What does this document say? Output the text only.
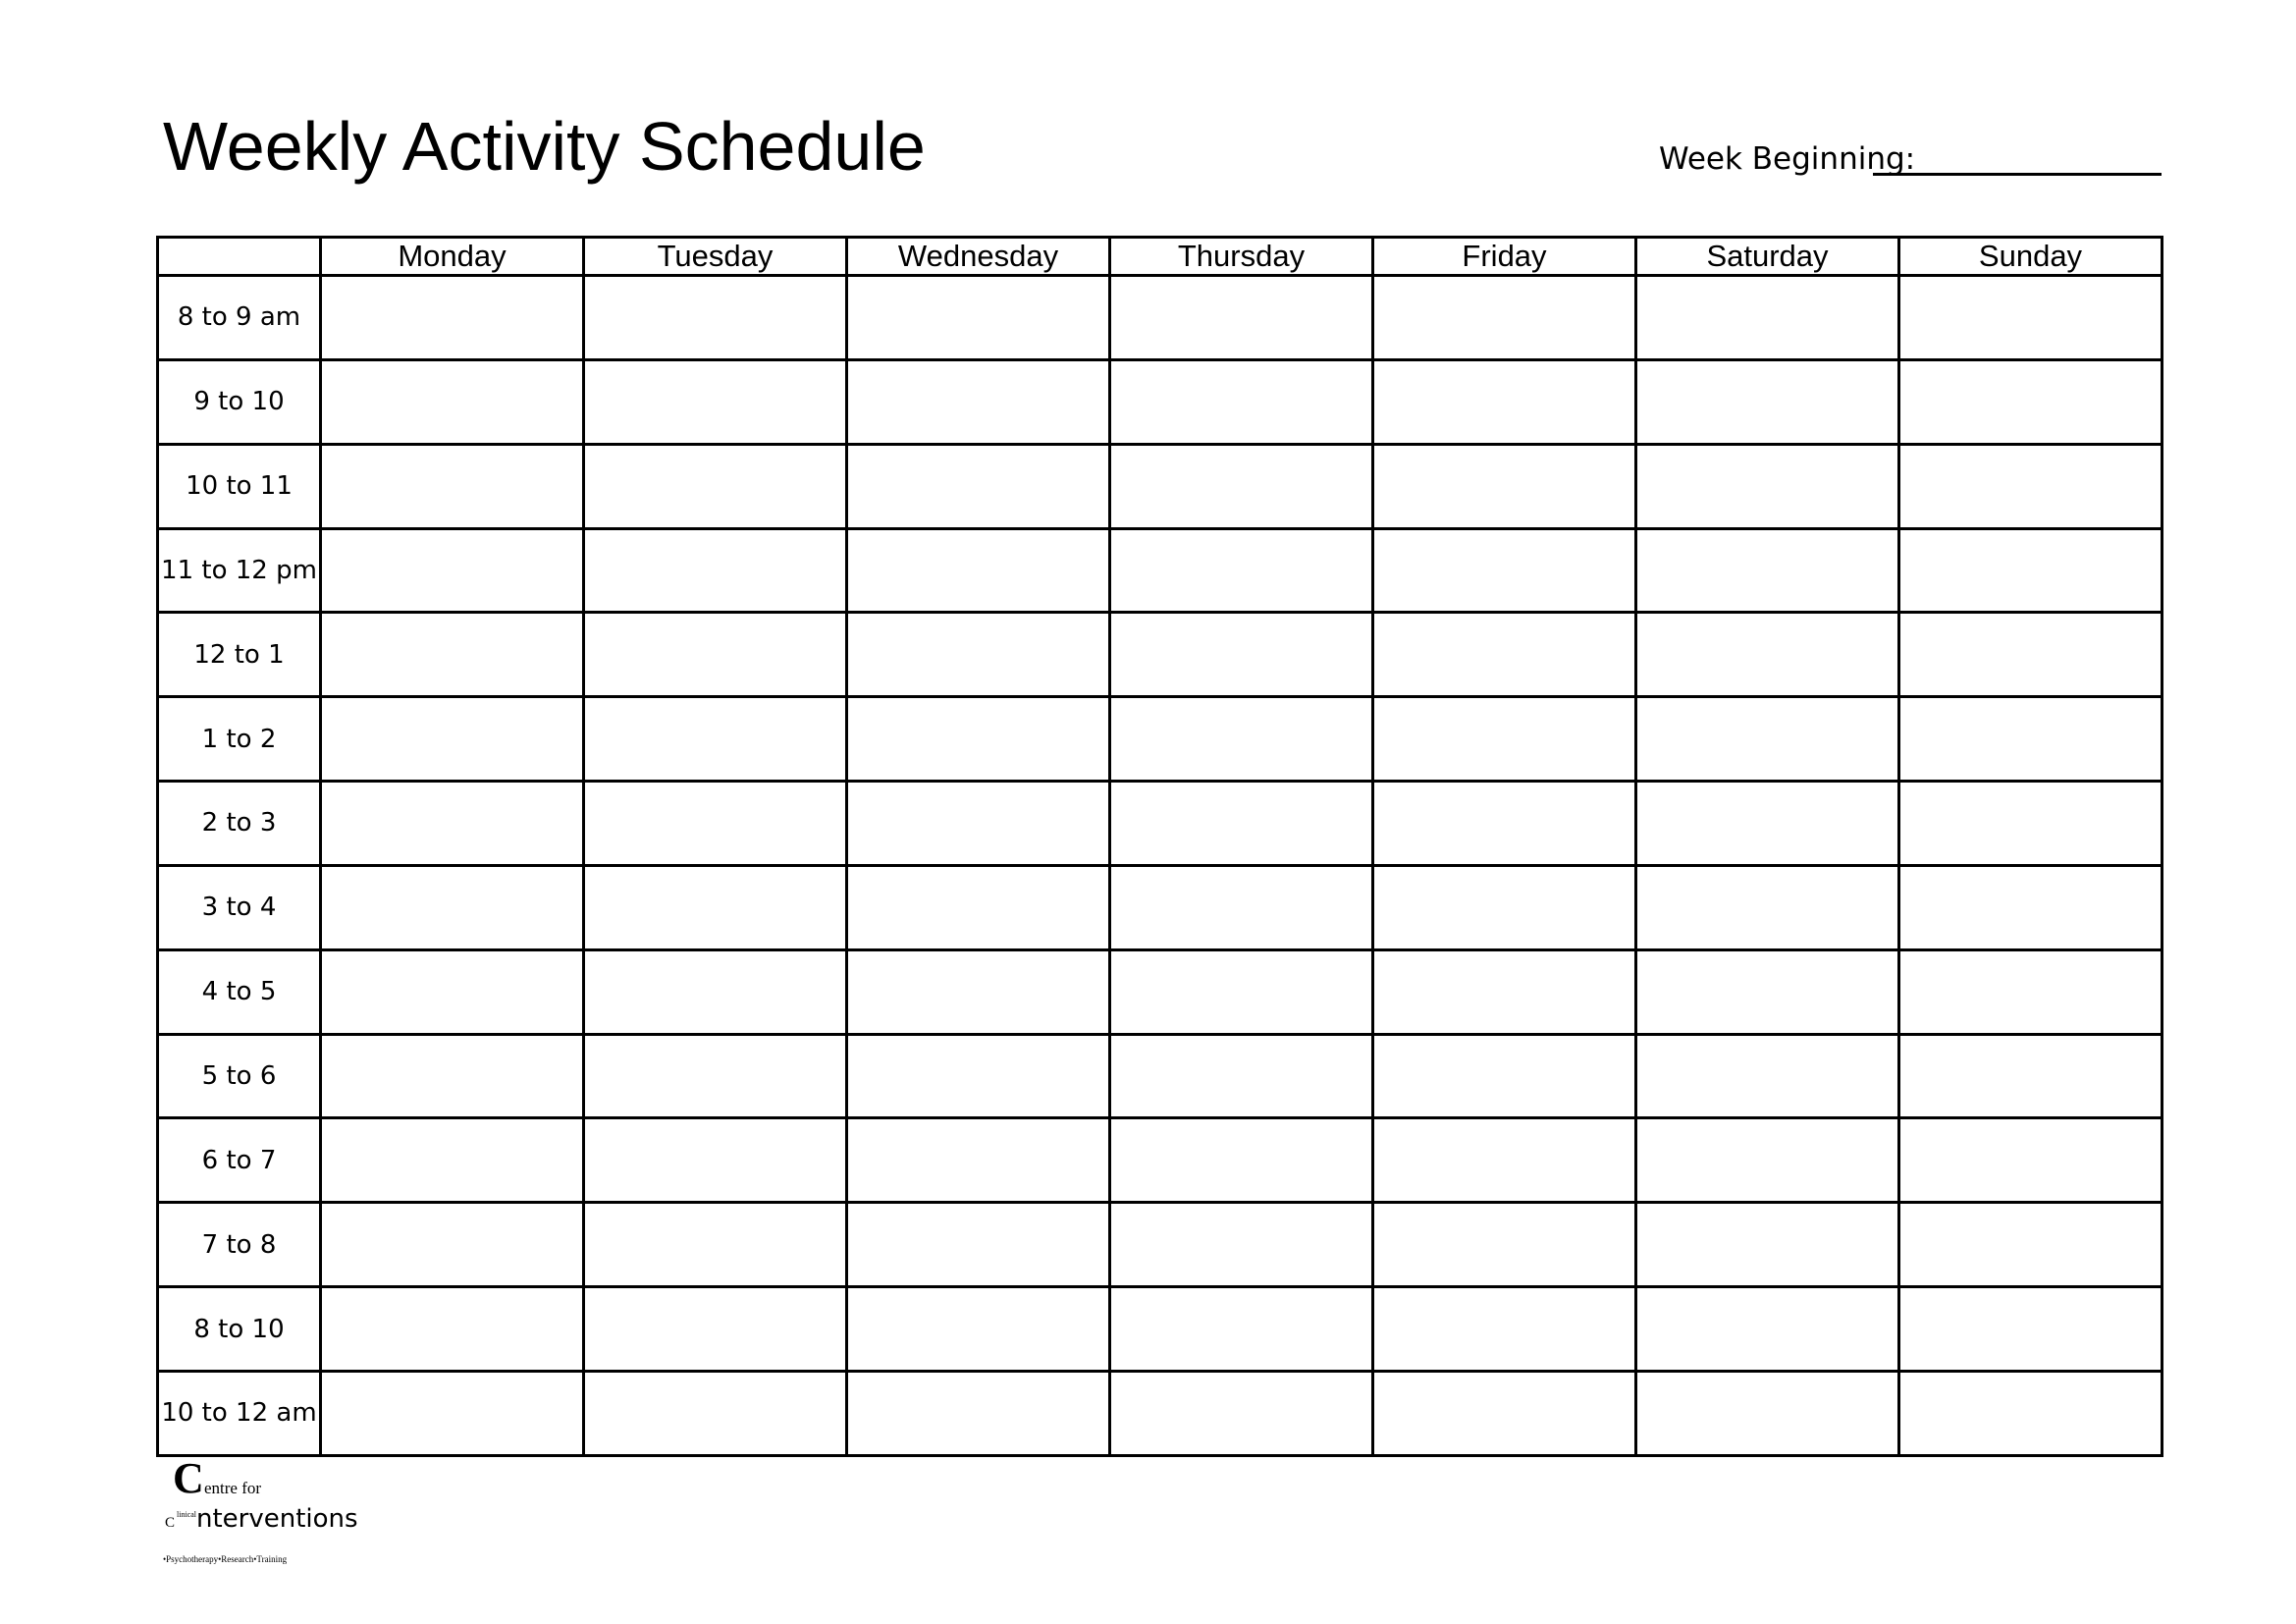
Weekly Activity Schedule	Week Beginning:
	Monday	Tuesday	Wednesday	Thursday	Friday	Saturday	Sunday
8 to 9 am							
9 to 10							
10 to 11							
11 to 12 pm							
12 to 1							
1 to 2							
2 to 3							
3 to 4							
4 to 5							
5 to 6							
6 to 7							
7 to 8							
8 to 10							
10 to 12 am							
C entre for
C
linical nterventions
•Psychotherapy•Research•Training
